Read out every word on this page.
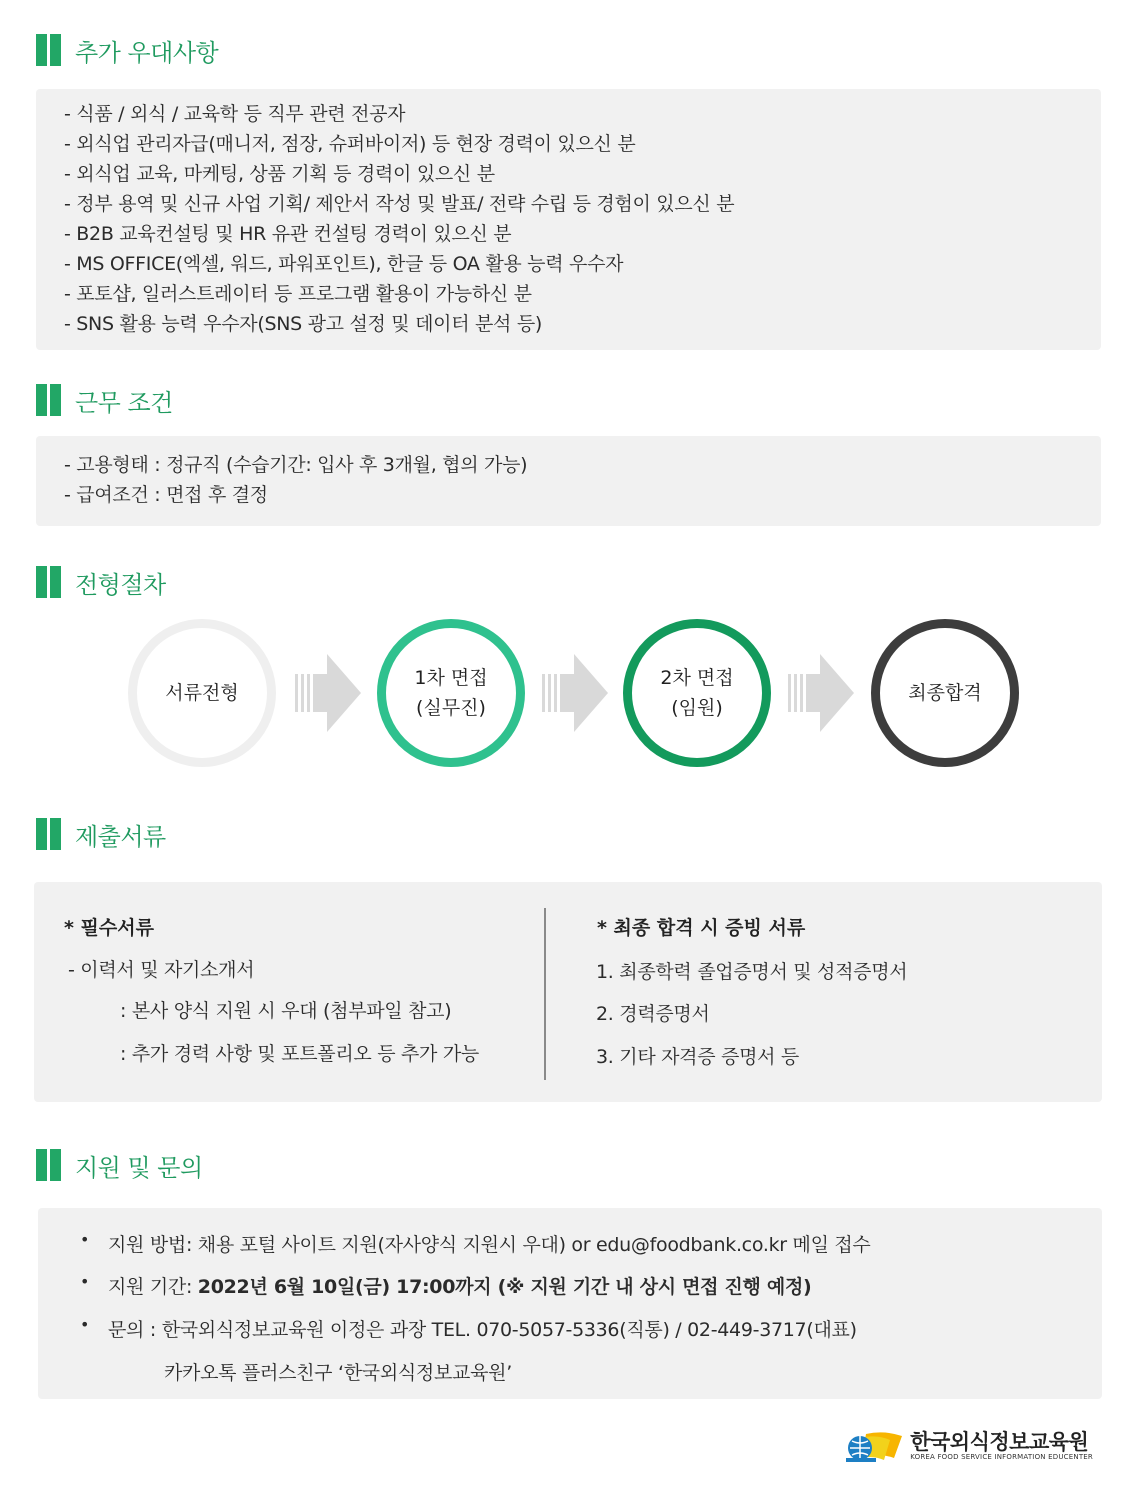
추가 우대사항
- 식품 / 외식 / 교육학 등 직무 관련 전공자
- 외식업 관리자급(매니저, 점장, 슈퍼바이저) 등 현장 경력이 있으신 분
- 외식업 교육, 마케팅, 상품 기획 등 경력이 있으신 분
- 정부 용역 및 신규 사업 기획/ 제안서 작성 및 발표/ 전략 수립 등 경험이 있으신 분
- B2B 교육컨설팅 및 HR 유관 컨설팅 경력이 있으신 분
- MS OFFICE(엑셀, 워드, 파워포인트), 한글 등 OA 활용 능력 우수자
- 포토샵, 일러스트레이터 등 프로그램 활용이 가능하신 분
- SNS 활용 능력 우수자(SNS 광고 설정 및 데이터 분석 등)
근무 조건
- 고용형태 : 정규직 (수습기간: 입사 후 3개월, 협의 가능)
- 급여조건 : 면접 후 결정
전형절차
서류전형
1차 면접
(실무진)
2차 면접
(임원)
최종합격
제출서류
* 필수서류
- 이력서 및 자기소개서
: 본사 양식 지원 시 우대 (첨부파일 참고)
: 추가 경력 사항 및 포트폴리오 등 추가 가능
* 최종 합격 시 증빙 서류
1. 최종학력 졸업증명서 및 성적증명서
2. 경력증명서
3. 기타 자격증 증명서 등
지원 및 문의
• 지원 방법: 채용 포털 사이트 지원(자사양식 지원시 우대) or edu@foodbank.co.kr 메일 접수
• 지원 기간: 2022년 6월 10일(금) 17:00까지 (※ 지원 기간 내 상시 면접 진행 예정)
• 문의 : 한국외식정보교육원 이정은 과장 TEL. 070-5057-5336(직통) / 02-449-3717(대표)
카카오톡 플러스친구 ‘한국외식정보교육원’
한국외식정보교육원
KOREA FOOD SERVICE INFORMATION EDUCENTER
